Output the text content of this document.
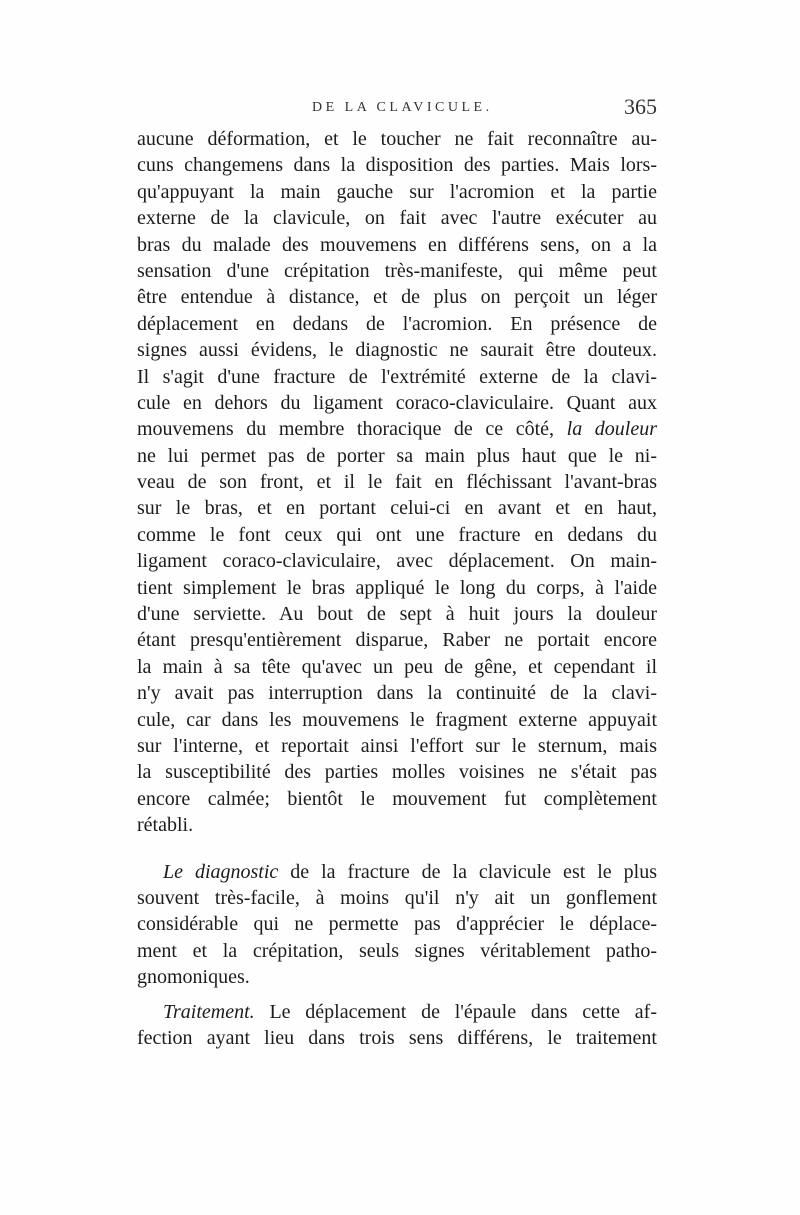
DE LA CLAVICULE.	365
aucune déformation, et le toucher ne fait reconnaître au-
cuns changemens dans la disposition des parties. Mais lors-
qu'appuyant la main gauche sur l'acromion et la partie
externe de la clavicule, on fait avec l'autre exécuter au
bras du malade des mouvemens en différens sens, on a la
sensation d'une crépitation très-manifeste, qui même peut
être entendue à distance, et de plus on perçoit un léger
déplacement en dedans de l'acromion. En présence de
signes aussi évidens, le diagnostic ne saurait être douteux.
Il s'agit d'une fracture de l'extrémité externe de la clavi-
cule en dehors du ligament coraco-claviculaire. Quant aux
mouvemens du membre thoracique de ce côté, la douleur
ne lui permet pas de porter sa main plus haut que le ni-
veau de son front, et il le fait en fléchissant l'avant-bras
sur le bras, et en portant celui-ci en avant et en haut,
comme le font ceux qui ont une fracture en dedans du
ligament coraco-claviculaire, avec déplacement. On main-
tient simplement le bras appliqué le long du corps, à l'aide
d'une serviette. Au bout de sept à huit jours la douleur
étant presqu'entièrement disparue, Raber ne portait encore
la main à sa tête qu'avec un peu de gêne, et cependant il
n'y avait pas interruption dans la continuité de la clavi-
cule, car dans les mouvemens le fragment externe appuyait
sur l'interne, et reportait ainsi l'effort sur le sternum, mais
la susceptibilité des parties molles voisines ne s'était pas
encore calmée; bientôt le mouvement fut complètement
rétabli.
Le diagnostic de la fracture de la clavicule est le plus
souvent très-facile, à moins qu'il n'y ait un gonflement
considérable qui ne permette pas d'apprécier le déplace-
ment et la crépitation, seuls signes véritablement patho-
gnomoniques.
Traitement. Le déplacement de l'épaule dans cette af-
fection ayant lieu dans trois sens différens, le traitement
